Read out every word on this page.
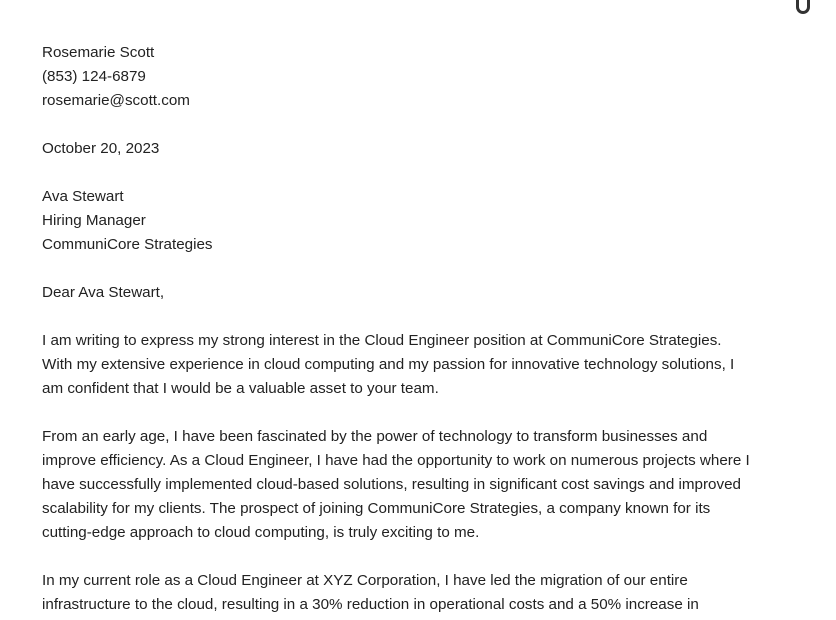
Rosemarie Scott
(853) 124-6879
rosemarie@scott.com
October 20, 2023
Ava Stewart
Hiring Manager
CommuniCore Strategies
Dear Ava Stewart,
I am writing to express my strong interest in the Cloud Engineer position at CommuniCore Strategies.
With my extensive experience in cloud computing and my passion for innovative technology solutions, I
am confident that I would be a valuable asset to your team.
From an early age, I have been fascinated by the power of technology to transform businesses and
improve efficiency. As a Cloud Engineer, I have had the opportunity to work on numerous projects where I
have successfully implemented cloud-based solutions, resulting in significant cost savings and improved
scalability for my clients. The prospect of joining CommuniCore Strategies, a company known for its
cutting-edge approach to cloud computing, is truly exciting to me.
In my current role as a Cloud Engineer at XYZ Corporation, I have led the migration of our entire
infrastructure to the cloud, resulting in a 30% reduction in operational costs and a 50% increase in
